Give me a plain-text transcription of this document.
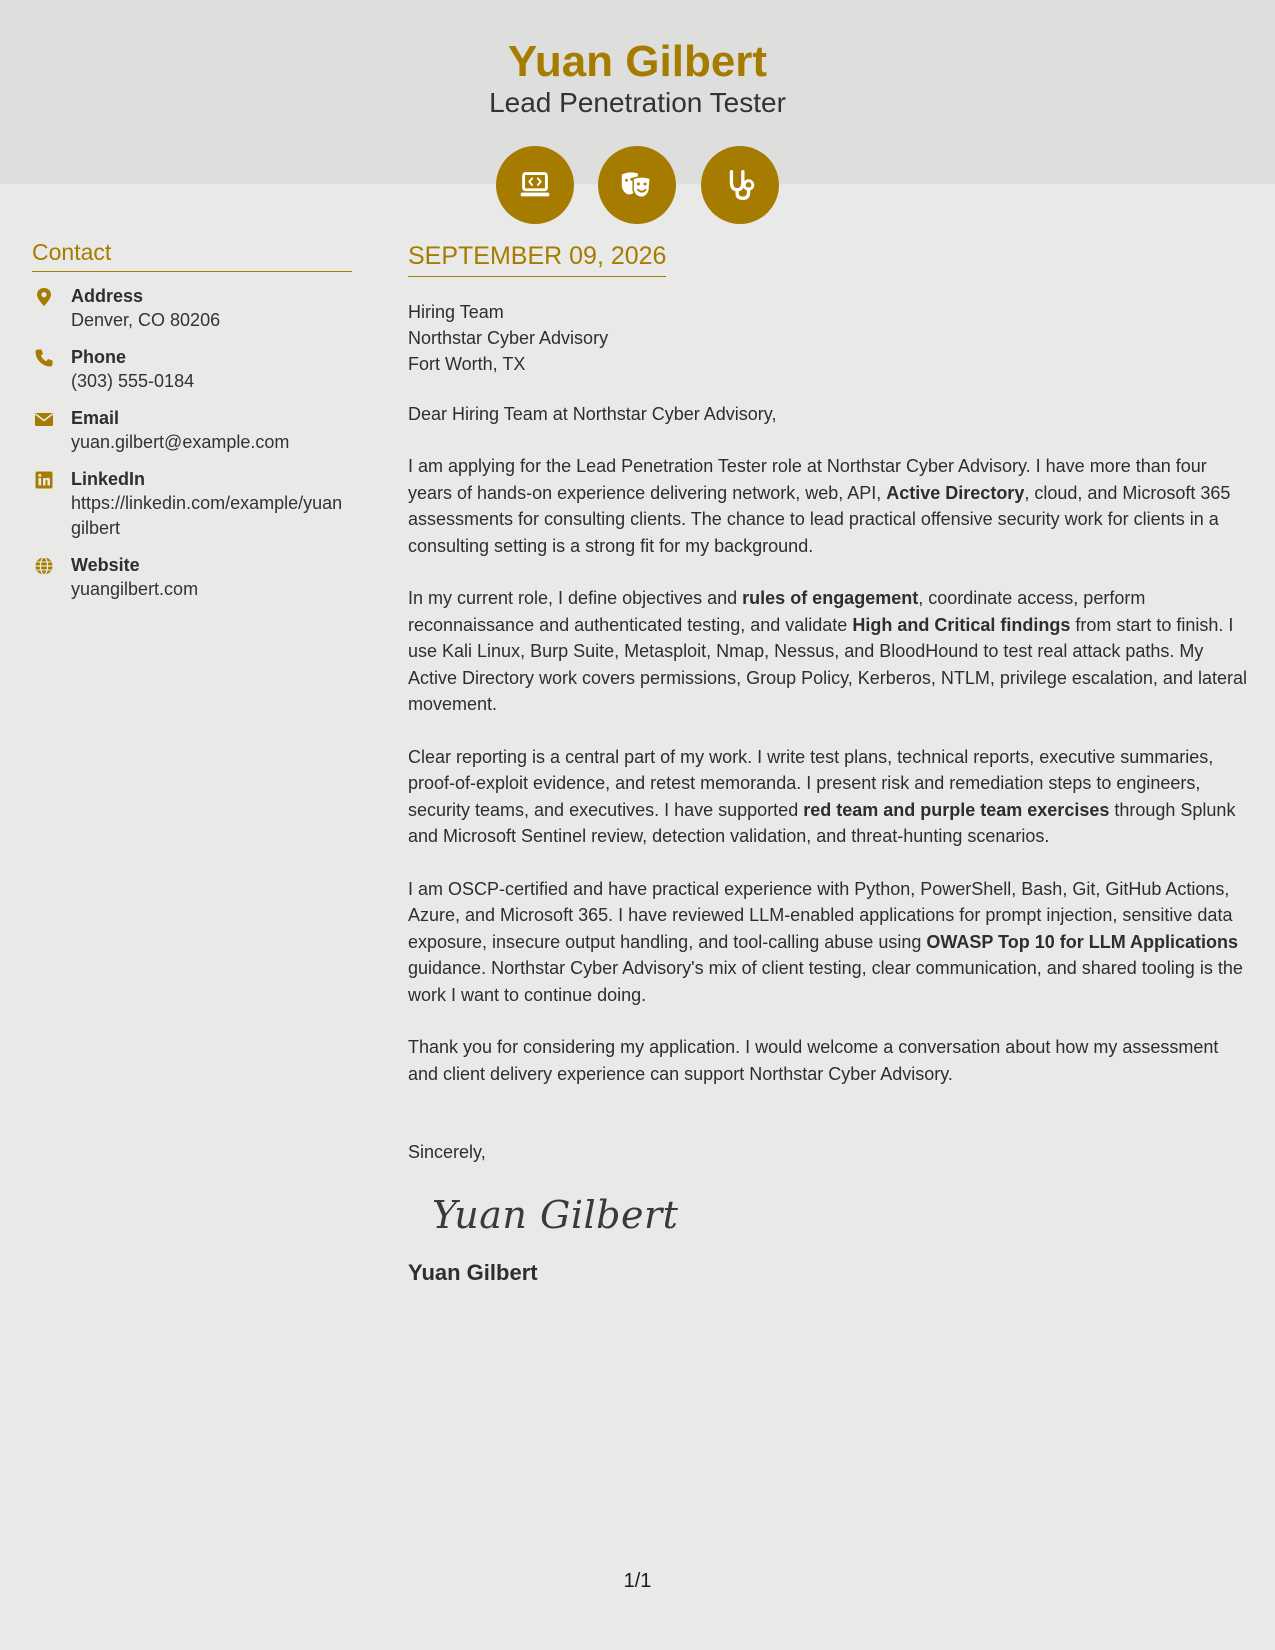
Yuan Gilbert
Lead Penetration Tester
Contact
Address
Denver, CO 80206
Phone
(303) 555-0184
Email
yuan.gilbert@example.com
LinkedIn
https://linkedin.com/example/yuangilbert
Website
yuangilbert.com
SEPTEMBER 09, 2026
Hiring Team
Northstar Cyber Advisory
Fort Worth, TX
Dear Hiring Team at Northstar Cyber Advisory,
I am applying for the Lead Penetration Tester role at Northstar Cyber Advisory. I have more than four years of hands-on experience delivering network, web, API, Active Directory, cloud, and Microsoft 365 assessments for consulting clients. The chance to lead practical offensive security work for clients in a consulting setting is a strong fit for my background.
In my current role, I define objectives and rules of engagement, coordinate access, perform reconnaissance and authenticated testing, and validate High and Critical findings from start to finish. I use Kali Linux, Burp Suite, Metasploit, Nmap, Nessus, and BloodHound to test real attack paths. My Active Directory work covers permissions, Group Policy, Kerberos, NTLM, privilege escalation, and lateral movement.
Clear reporting is a central part of my work. I write test plans, technical reports, executive summaries, proof-of-exploit evidence, and retest memoranda. I present risk and remediation steps to engineers, security teams, and executives. I have supported red team and purple team exercises through Splunk and Microsoft Sentinel review, detection validation, and threat-hunting scenarios.
I am OSCP-certified and have practical experience with Python, PowerShell, Bash, Git, GitHub Actions, Azure, and Microsoft 365. I have reviewed LLM-enabled applications for prompt injection, sensitive data exposure, insecure output handling, and tool-calling abuse using OWASP Top 10 for LLM Applications guidance. Northstar Cyber Advisory's mix of client testing, clear communication, and shared tooling is the work I want to continue doing.
Thank you for considering my application. I would welcome a conversation about how my assessment and client delivery experience can support Northstar Cyber Advisory.
Sincerely,
Yuan Gilbert
Yuan Gilbert
1/1
